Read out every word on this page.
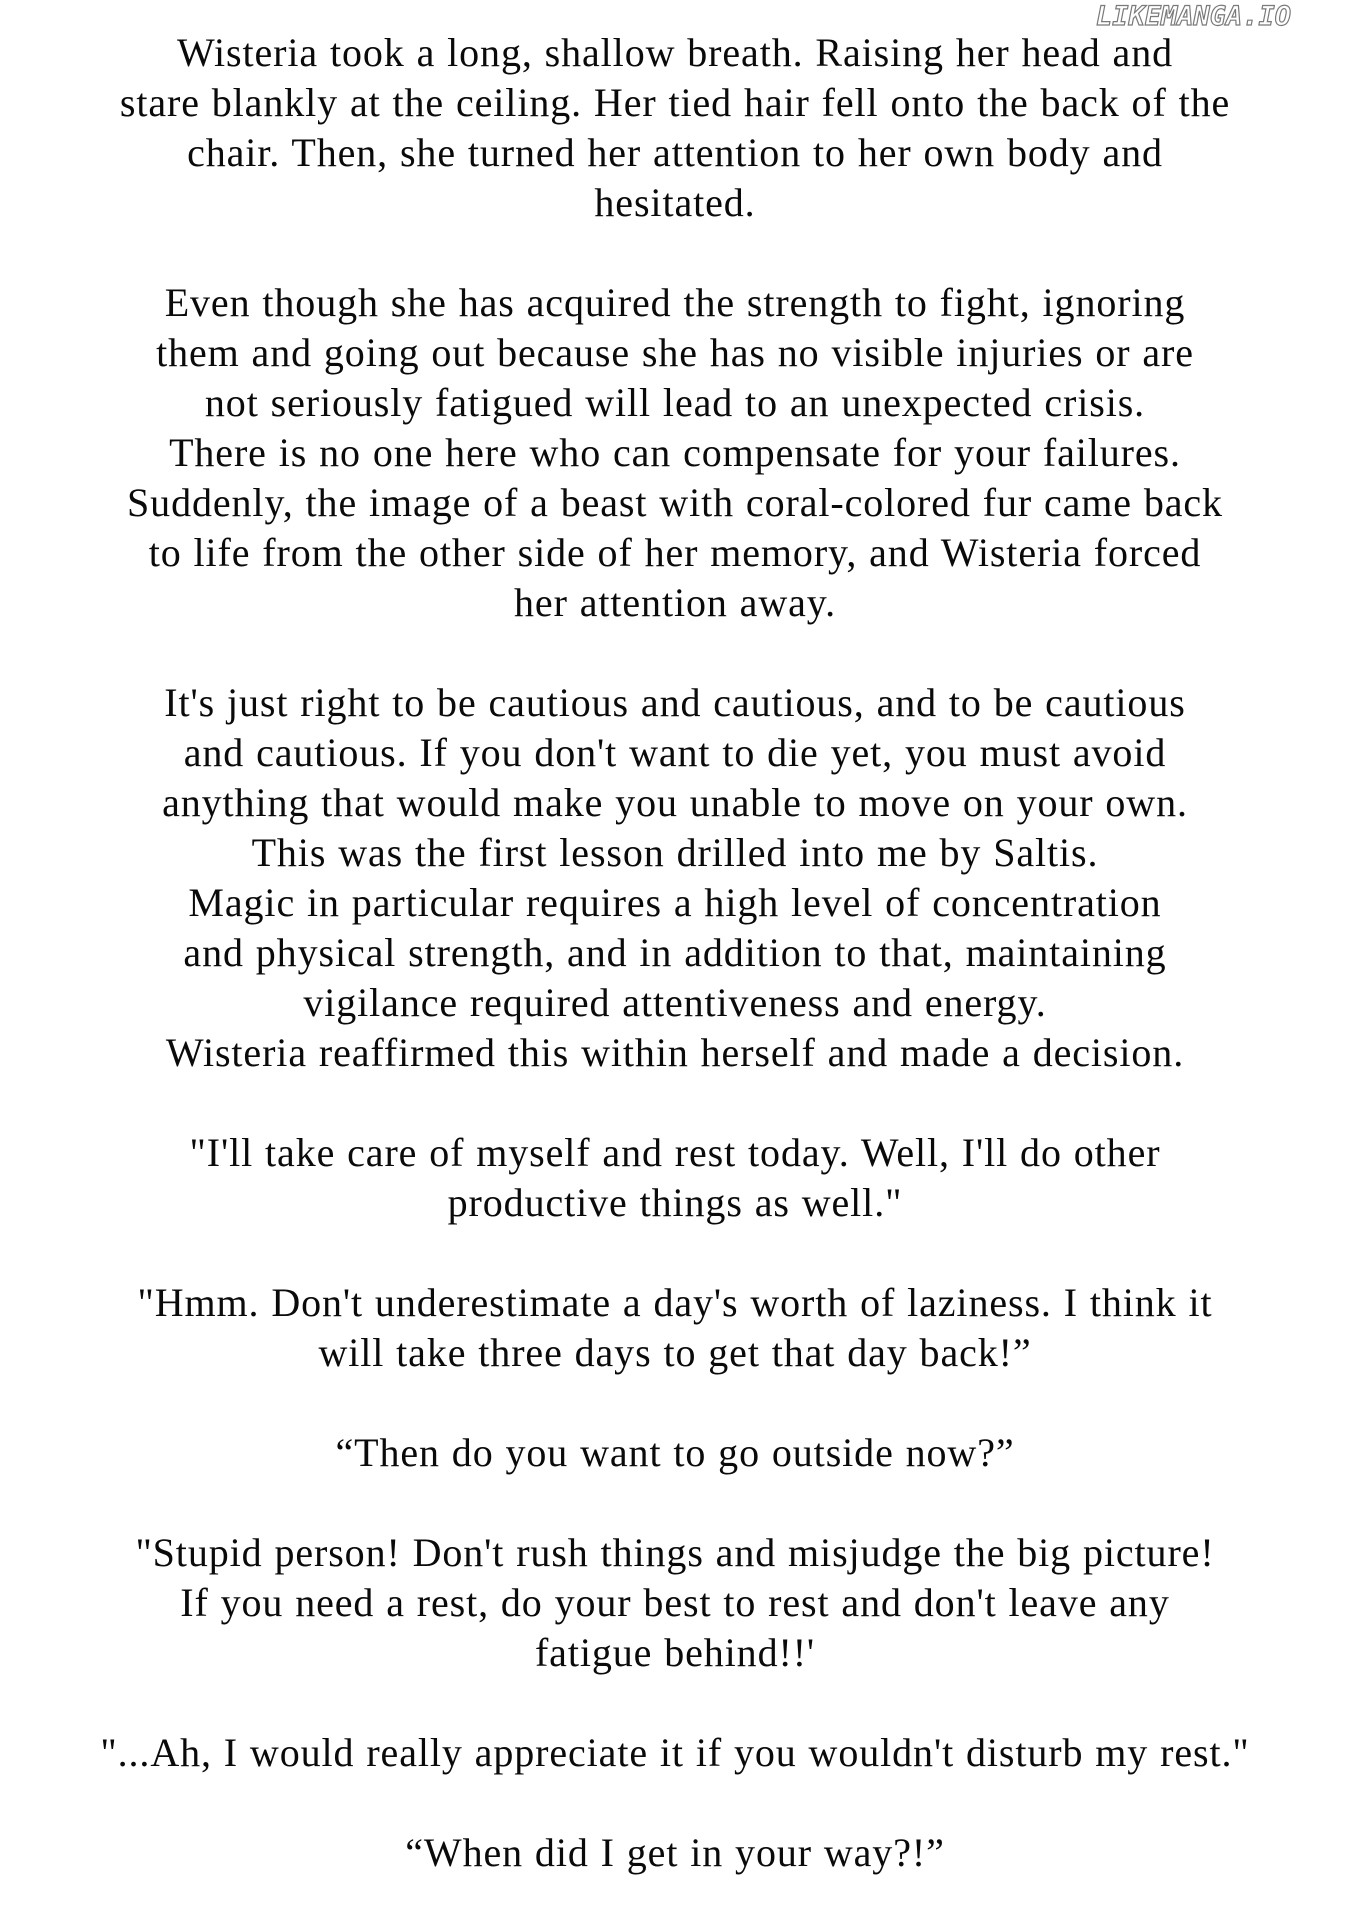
LIKEMANGA.IO
Wisteria took a long, shallow breath. Raising her head and
stare blankly at the ceiling. Her tied hair fell onto the back of the
chair. Then, she turned her attention to her own body and
hesitated.
Even though she has acquired the strength to fight, ignoring
them and going out because she has no visible injuries or are
not seriously fatigued will lead to an unexpected crisis.
There is no one here who can compensate for your failures.
Suddenly, the image of a beast with coral-colored fur came back
to life from the other side of her memory, and Wisteria forced
her attention away.
It's just right to be cautious and cautious, and to be cautious
and cautious. If you don't want to die yet, you must avoid
anything that would make you unable to move on your own.
This was the first lesson drilled into me by Saltis.
Magic in particular requires a high level of concentration
and physical strength, and in addition to that, maintaining
vigilance required attentiveness and energy.
Wisteria reaffirmed this within herself and made a decision.
"I'll take care of myself and rest today. Well, I'll do other
productive things as well."
"Hmm. Don't underestimate a day's worth of laziness. I think it
will take three days to get that day back!”
“Then do you want to go outside now?”
"Stupid person! Don't rush things and misjudge the big picture!
If you need a rest, do your best to rest and don't leave any
fatigue behind!!'
"...Ah, I would really appreciate it if you wouldn't disturb my rest."
“When did I get in your way?!”
